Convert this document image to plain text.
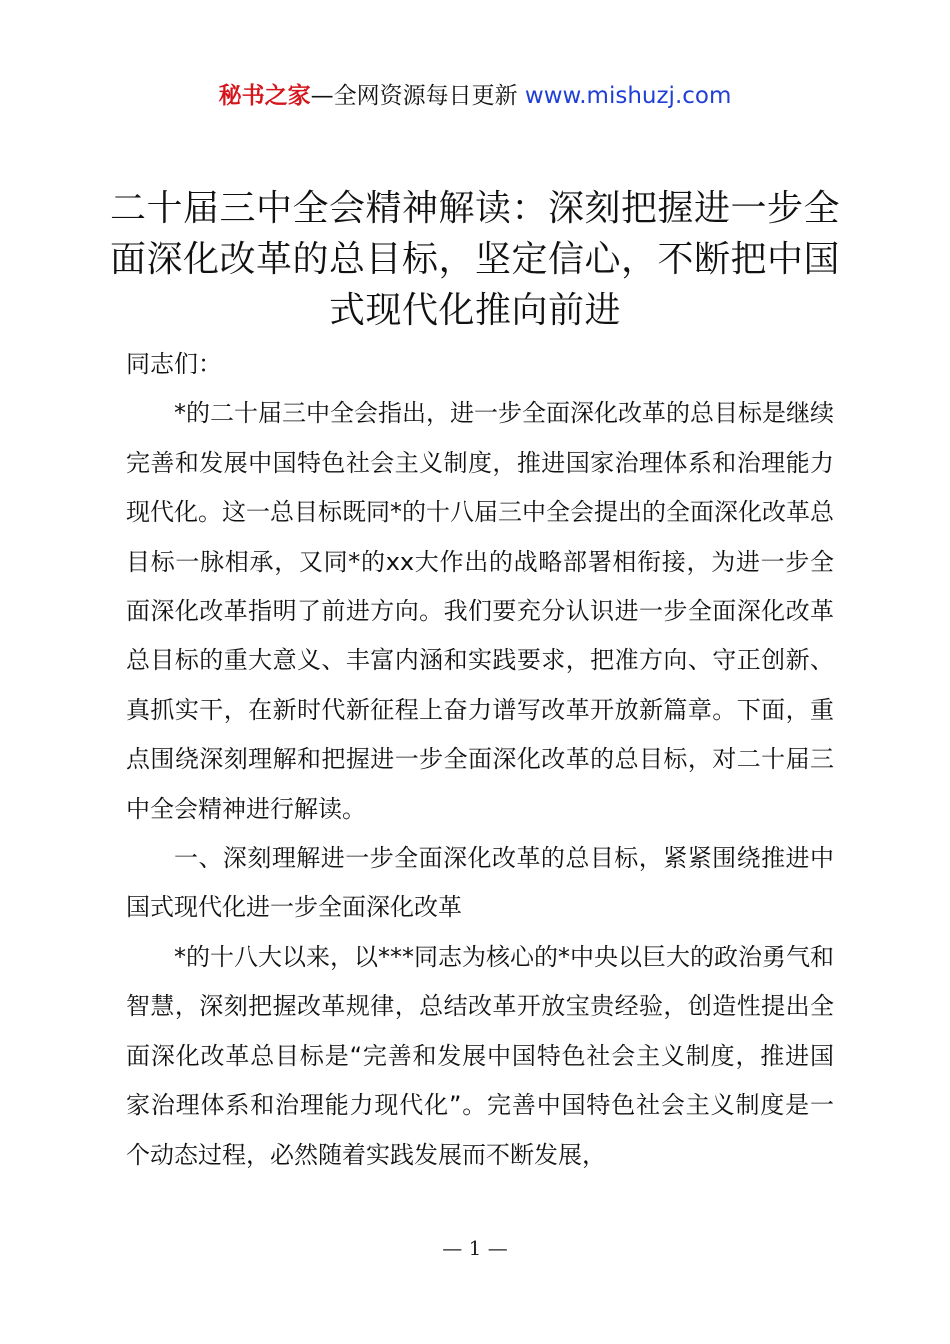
秘书之家—全网资源每日更新 www.mishuzj.com
二十届三中全会精神解读：深刻把握进一步全面深化改革的总目标，坚定信心，不断把中国式现代化推向前进

同志们：

*的二十届三中全会指出，进一步全面深化改革的总目标是继续完善和发展中国特色社会主义制度，推进国家治理体系和治理能力现代化。这一总目标既同*的十八届三中全会提出的全面深化改革总目标一脉相承，又同*的xx大作出的战略部署相衔接，为进一步全面深化改革指明了前进方向。我们要充分认识进一步全面深化改革总目标的重大意义、丰富内涵和实践要求，把准方向、守正创新、真抓实干，在新时代新征程上奋力谱写改革开放新篇章。下面，重点围绕深刻理解和把握进一步全面深化改革的总目标，对二十届三中全会精神进行解读。

一、深刻理解进一步全面深化改革的总目标，紧紧围绕推进中国式现代化进一步全面深化改革

*的十八大以来，以***同志为核心的*中央以巨大的政治勇气和智慧，深刻把握改革规律，总结改革开放宝贵经验，创造性提出全面深化改革总目标是“完善和发展中国特色社会主义制度，推进国家治理体系和治理能力现代化”。完善中国特色社会主义制度是一个动态过程，必然随着实践发展而不断发展，

— 1 —
